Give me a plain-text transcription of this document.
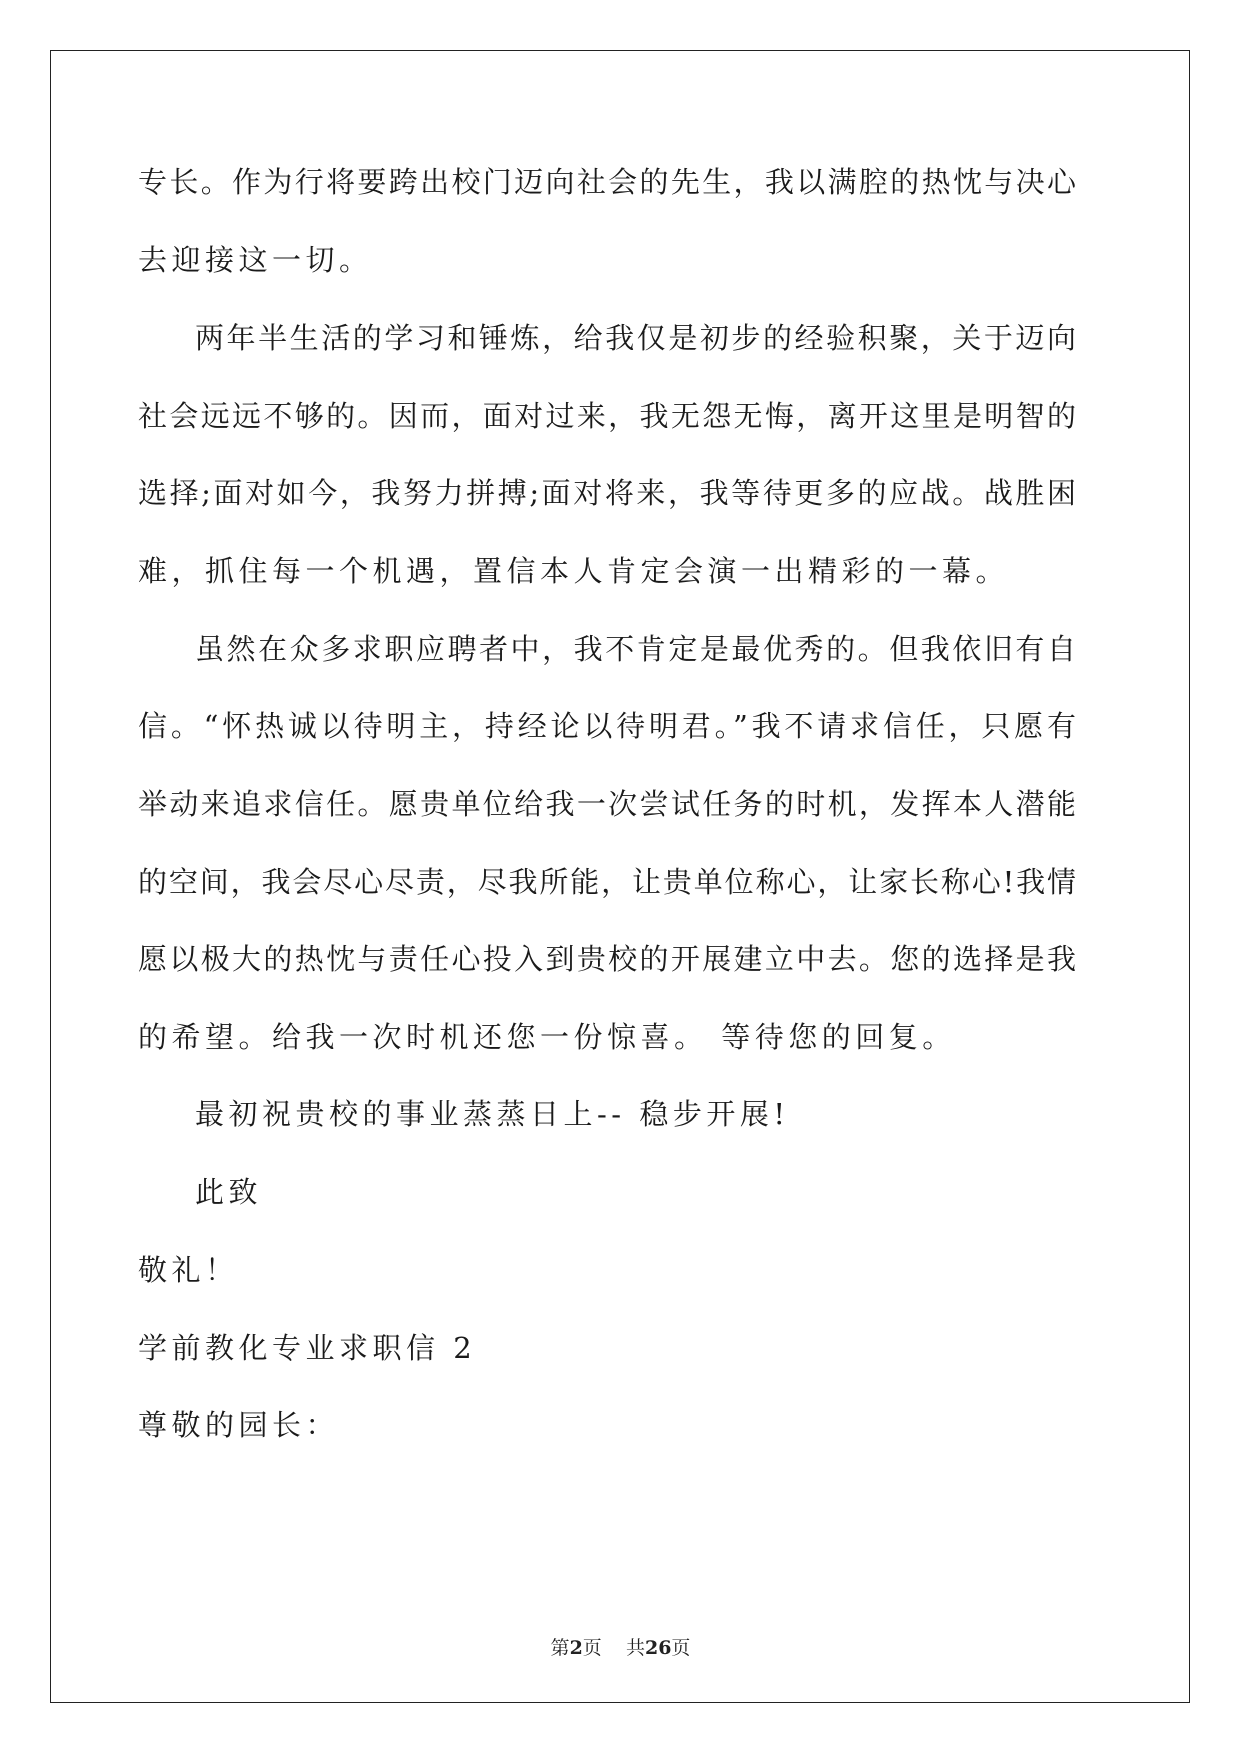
专长。作为行将要跨出校门迈向社会的先生，我以满腔的热忱与决心
去迎接这一切。
两年半生活的学习和锤炼，给我仅是初步的经验积聚，关于迈向
社会远远不够的。因而，面对过来，我无怨无悔，离开这里是明智的
选择;面对如今，我努力拼搏;面对将来，我等待更多的应战。战胜困
难，抓住每一个机遇，置信本人肯定会演一出精彩的一幕。
虽然在众多求职应聘者中，我不肯定是最优秀的。但我依旧有自
信。“怀热诚以待明主，持经论以待明君。”我不请求信任，只愿有
举动来追求信任。愿贵单位给我一次尝试任务的时机，发挥本人潜能
的空间，我会尽心尽责，尽我所能，让贵单位称心，让家长称心!我情
愿以极大的热忱与责任心投入到贵校的开展建立中去。您的选择是我
的希望。给我一次时机还您一份惊喜。 等待您的回复。
最初祝贵校的事业蒸蒸日上-- 稳步开展!
此致
敬礼！
学前教化专业求职信 2
尊敬的园长：
第2页    共26页
